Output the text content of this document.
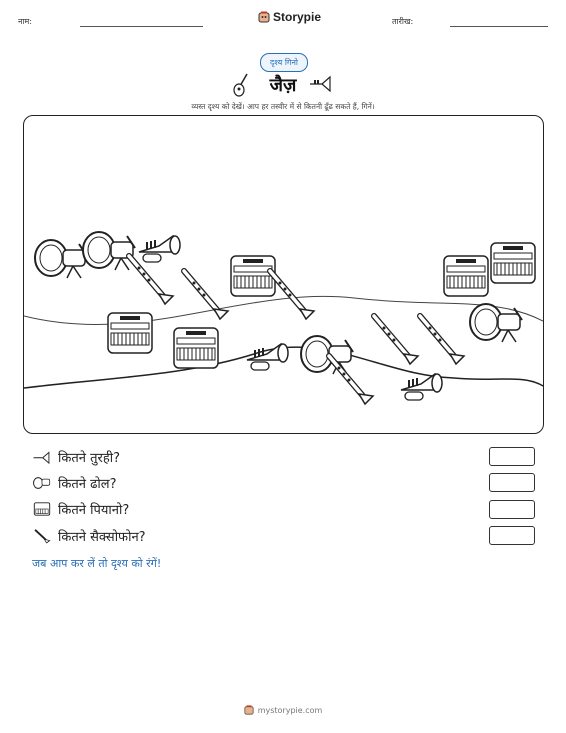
नाम:	Storypie	तारीख:
दृश्य गिनो
जैज़
व्यस्त दृश्य को देखें। आप हर तस्वीर में से कितनी ढूँढ सकते हैं, गिनें।
कितने तुरही?
कितने ढोल?
कितने पियानो?
कितने सैक्सोफोन?
जब आप कर लें तो दृश्य को रंगें!
mystorypie.com
